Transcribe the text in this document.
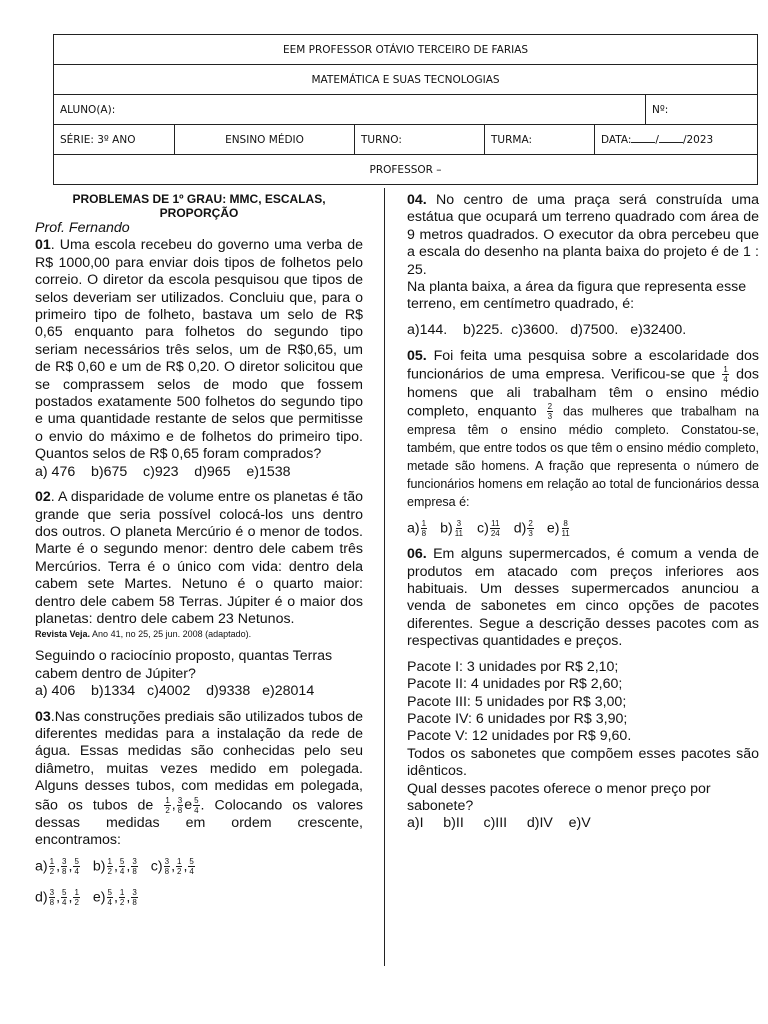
EEM PROFESSOR OTÁVIO TERCEIRO DE FARIAS					
MATEMÁTICA E SUAS TECNOLOGIAS					
ALUNO(A):					Nº:
SÉRIE: 3º ANO	ENSINO MÉDIO	TURNO:	TURMA:	DATA: / /2023	
PROFESSOR –					

PROBLEMAS DE 1º GRAU: MMC, ESCALAS, PROPORÇÃO

Prof. Fernando

01. Uma escola recebeu do governo uma verba de R$ 1000,00 para enviar dois tipos de folhetos pelo correio. O diretor da escola pesquisou que tipos de selos deveriam ser utilizados. Concluiu que, para o primeiro tipo de folheto, bastava um selo de R$ 0,65 enquanto para folhetos do segundo tipo seriam necessários três selos, um de R$0,65, um de R$ 0,60 e um de R$ 0,20. O diretor solicitou que se comprassem selos de modo que fossem postados exatamente 500 folhetos do segundo tipo e uma quantidade restante de selos que permitisse o envio do máximo e de folhetos do primeiro tipo. Quantos selos de R$ 0,65 foram comprados?

a) 476    b)675    c)923    d)965    e)1538

02. A disparidade de volume entre os planetas é tão grande que seria possível colocá-los uns dentro dos outros. O planeta Mercúrio é o menor de todos. Marte é o segundo menor: dentro dele cabem três Mercúrios. Terra é o único com vida: dentro dela cabem sete Martes. Netuno é o quarto maior: dentro dele cabem 58 Terras. Júpiter é o maior dos planetas: dentro dele cabem 23 Netunos.

Revista Veja. Ano 41, no 25, 25 jun. 2008 (adaptado).

Seguindo o raciocínio proposto, quantas Terras cabem dentro de Júpiter?

a) 406    b)1334   c)4002    d)9338   e)28014

03.Nas construções prediais são utilizados tubos de diferentes medidas para a instalação da rede de água. Essas medidas são conhecidas pelo seu diâmetro, muitas vezes medido em polegada. Alguns desses tubos, com medidas em polegada, são os tubos de $\frac{1}{2}$ , $\frac{3}{8}$ e $\frac{5}{4}$ . Colocando os valores dessas medidas em ordem crescente, encontramos:

$a) \frac{1}{2}$ , $\frac{3}{8}$ , $\frac{5}{4} b) \frac{1}{2}$ , $\frac{5}{4}$ , $\frac{3}{8} c) \frac{3}{8}$ , $\frac{1}{2}$ , $\frac{5}{4}$
$d) \frac{3}{8}$ , $\frac{5}{4}$ , $\frac{1}{2} e) \frac{5}{4}$ , $\frac{1}{2}$ , $\frac{3}{8}$

04. No centro de uma praça será construída uma estátua que ocupará um terreno quadrado com área de 9 metros quadrados. O executor da obra percebeu que a escala do desenho na planta baixa do projeto é de 1 : 25.

Na planta baixa, a área da figura que representa esse terreno, em centímetro quadrado, é:

a)144.    b)225.  c)3600.   d)7500.   e)32400.

05. Foi feita uma pesquisa sobre a escolaridade dos funcionários de uma empresa. Verificou-se que $\frac{1}{4}$ dos homens que ali trabalham têm o ensino médio completo, enquanto $\frac{2}{3}$ das mulheres que trabalham na empresa têm o ensino médio completo. Constatou-se, também, que entre todos os que têm o ensino médio completo, metade são homens. A fração que representa o número de funcionários homens em relação ao total de funcionários dessa empresa é:

$a) \frac{1}{8} b) \frac{3}{11} c) \frac{11}{24} d) \frac{2}{3} e) \frac{8}{11}$

06. Em alguns supermercados, é comum a venda de produtos em atacado com preços inferiores aos habituais. Um desses supermercados anunciou a venda de sabonetes em cinco opções de pacotes diferentes. Segue a descrição desses pacotes com as respectivas quantidades e preços.

Pacote I: 3 unidades por R$ 2,10;

Pacote II: 4 unidades por R$ 2,60;

Pacote III: 5 unidades por R$ 3,00;

Pacote IV: 6 unidades por R$ 3,90;

Pacote V: 12 unidades por R$ 9,60.

Todos os sabonetes que compõem esses pacotes são idênticos.

Qual desses pacotes oferece o menor preço por sabonete?

a)I     b)II     c)III     d)IV    e)V
